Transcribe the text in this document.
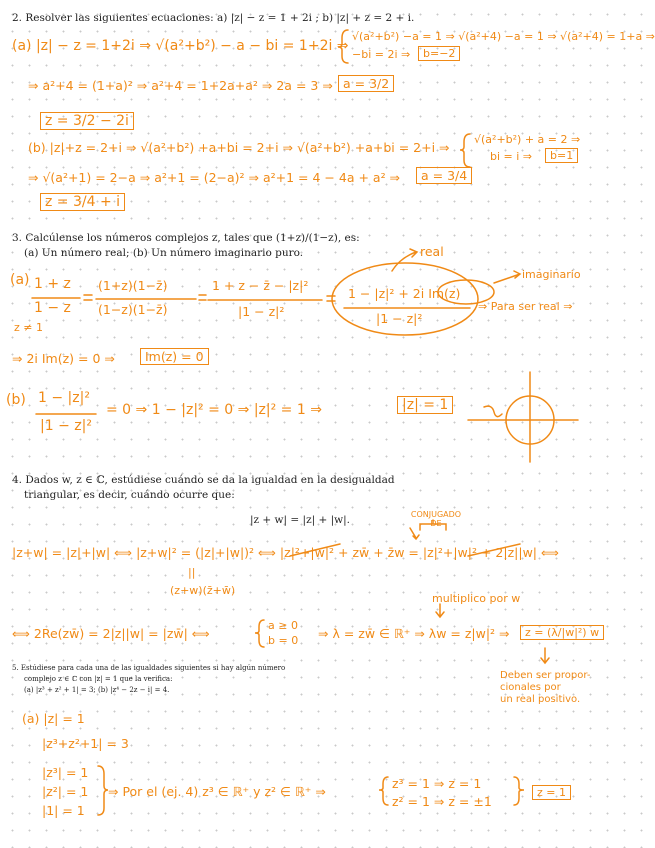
2. Resolver las siguientes ecuaciones: a) |z| − z = 1 + 2i ; b) |z| + z = 2 + i.
(a) |z| − z = 1+2i ⇒ √(a²+b²) − a − bi = 1+2i ⇒
√(a²+b²) −a = 1 ⇒ √(a²+4) −a = 1 ⇒ √(a²+4) = 1+a ⇒
−bi = 2i ⇒	b=−2
⇒ a²+4 = (1+a)² ⇒ a²+4 = 1+2a+a² ⇒ 2a = 3 ⇒ a = 3/2
z = 3/2 − 2i
(b) |z|+z = 2+i ⇒ √(a²+b²) +a+bi = 2+i ⇒ √(a²+b²) +a+bi = 2+i ⇒
√(a²+b²) + a = 2 ⇒
bi = i ⇒	b=1
⇒ √(a²+1) = 2−a ⇒ a²+1 = (2−a)² ⇒ a²+1 = 4 − 4a + a² ⇒	a = 3/4
z = 3/4 + i
3. Calcúlense los números complejos z, tales que (1+z)/(1−z), es:
(a) Un número real; (b) Un número imaginario puro.	real
imaginario
(a) 1 + z
1 − z
z ≠ 1
(1+z)(1−z̄)
(1−z)(1−z̄)
1 + z − z̄ − |z|²
|1 − z|²
1 − |z|² + 2i Im(z)
|1 − z|²
⇒ Para ser real ⇒
⇒ 2i Im(z) = 0 ⇒	Im(z) = 0
(b) 1 − |z|²
|1 − z|²
= 0 ⇒ 1 − |z|² = 0 ⇒ |z|² = 1 ⇒	|z| = 1
4. Dados w, z ∈ ℂ, estúdiese cuándo se da la igualdad en la desigualdad
triangular, es decir, cuándo ocurre que:
|z + w| = |z| + |w|.	CONJUGADO DE
|z+w| = |z|+|w| ⟺ |z+w|² = (|z|+|w|)² ⟺ |z|²+|w|² + zw̄ + z̄w = |z|²+|w|² + 2|z||w| ⟺
||
(z+w)(z̄+w̄)
multiplico por w
⟺ 2Re(zw̄) = 2|z||w| = |zw̄| ⟺
a ≥ 0
b = 0 ⇒ λ = zw̄ ∈ ℝ⁺ ⇒ λw = z|w|² ⇒	z = (λ/|w|²) w
Deben ser propor-
cionales por
un real positivo.
5. Estúdiese para cada una de las igualdades siguientes si hay algún número
complejo z ∈ ℂ con |z| = 1 que la verifica:
(a) |z³ + z² + 1| = 3; (b) |z⁴ − 2z − i| = 4.
(a) |z| = 1
|z³+z²+1| = 3
|z³| = 1
|z²| = 1
|1| = 1
⇒ Por el (ej. 4) z³ ∈ ℝ⁺ y z² ∈ ℝ⁺ ⇒
z³ = 1 ⇒ z = 1
z² = 1 ⇒ z = ±1
z = 1
